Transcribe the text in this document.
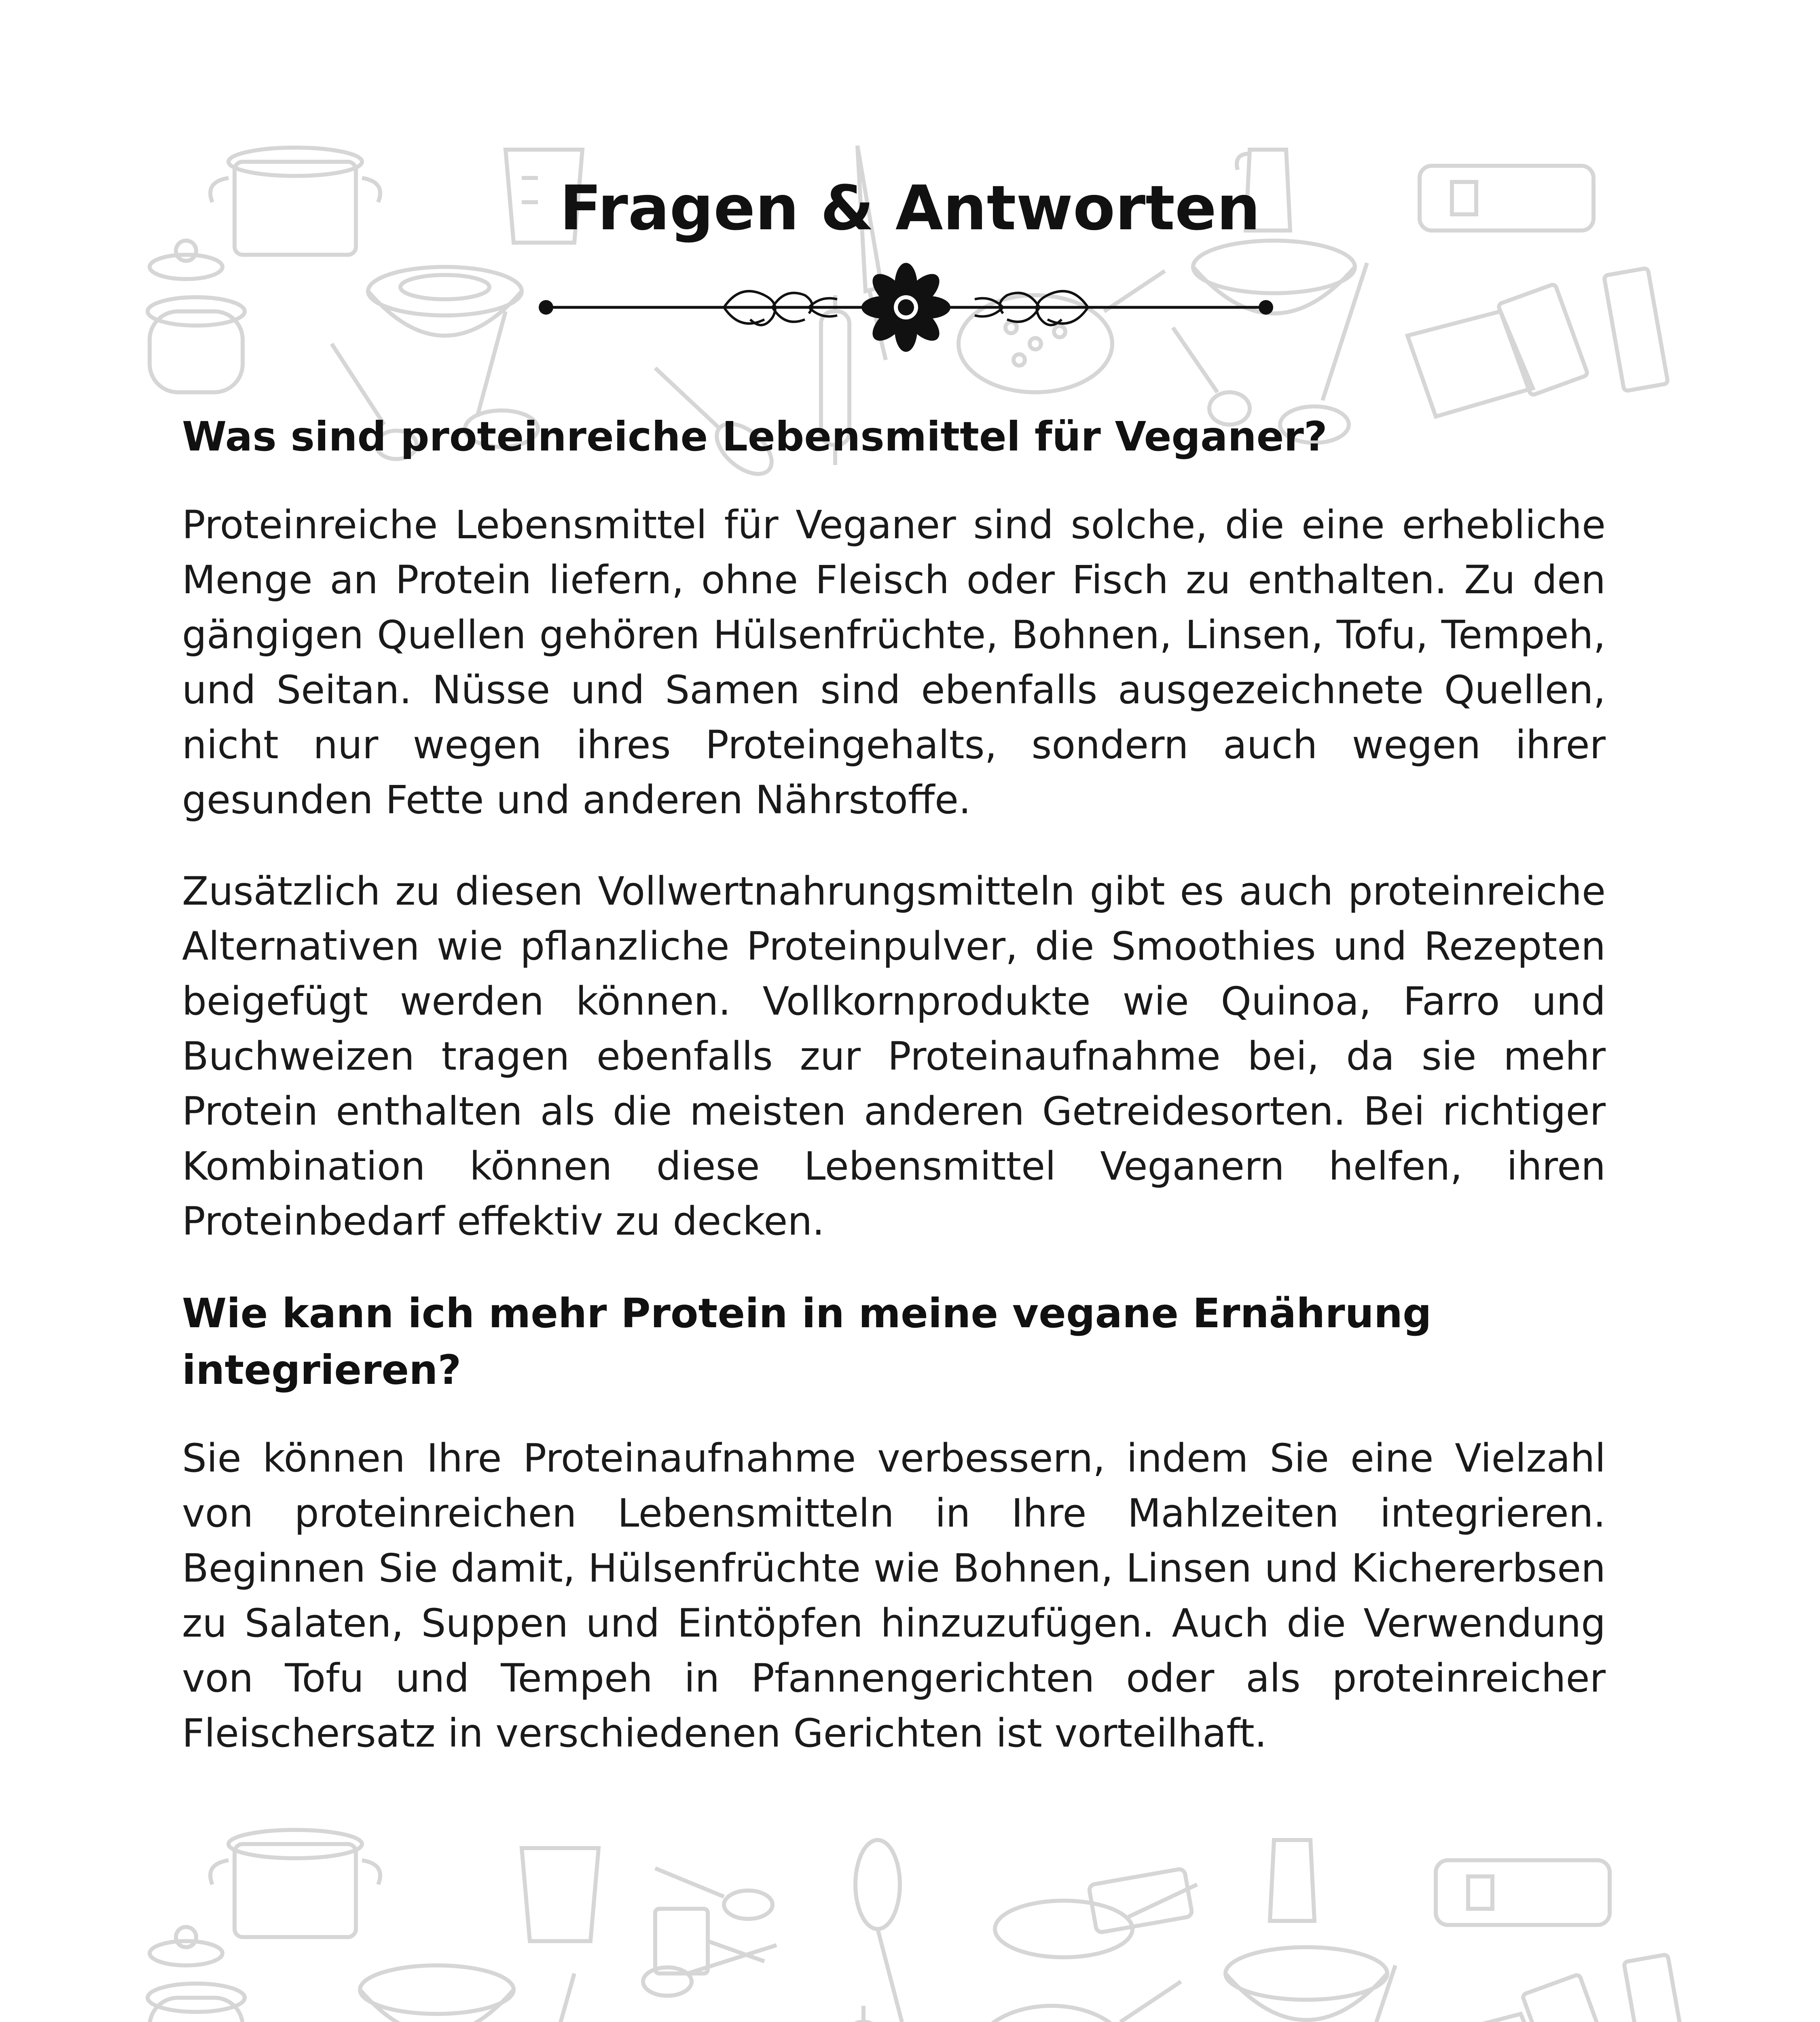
Fragen & Antworten
Was sind proteinreiche Lebensmittel für Veganer?

Proteinreiche Lebensmittel für Veganer sind solche, die eine erhebliche Menge an Protein liefern, ohne Fleisch oder Fisch zu enthalten. Zu den gängigen Quellen gehören Hülsenfrüchte, Bohnen, Linsen, Tofu, Tempeh, und Seitan. Nüsse und Samen sind ebenfalls ausgezeichnete Quellen, nicht nur wegen ihres Proteingehalts, sondern auch wegen ihrer gesunden Fette und anderen Nährstoffe.

Zusätzlich zu diesen Vollwertnahrungsmitteln gibt es auch proteinreiche Alternativen wie pflanzliche Proteinpulver, die Smoothies und Rezepten beigefügt werden können. Vollkornprodukte wie Quinoa, Farro und Buchweizen tragen ebenfalls zur Proteinaufnahme bei, da sie mehr Protein enthalten als die meisten anderen Getreidesorten. Bei richtiger Kombination können diese Lebensmittel Veganern helfen, ihren Proteinbedarf effektiv zu decken.

Wie kann ich mehr Protein in meine vegane Ernährung integrieren?

Sie können Ihre Proteinaufnahme verbessern, indem Sie eine Vielzahl von proteinreichen Lebensmitteln in Ihre Mahlzeiten integrieren. Beginnen Sie damit, Hülsenfrüchte wie Bohnen, Linsen und Kichererbsen zu Salaten, Suppen und Eintöpfen hinzuzufügen. Auch die Verwendung von Tofu und Tempeh in Pfannengerichten oder als proteinreicher Fleischersatz in verschiedenen Gerichten ist vorteilhaft.
